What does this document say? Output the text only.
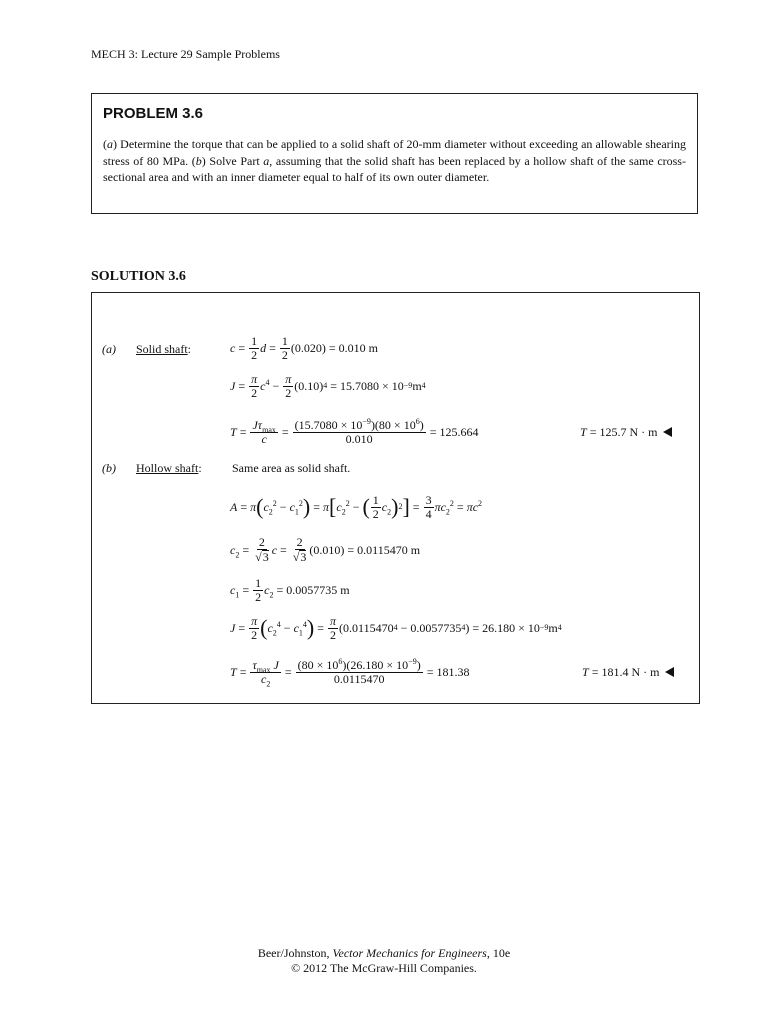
MECH 3: Lecture 29 Sample Problems
PROBLEM 3.6
(a) Determine the torque that can be applied to a solid shaft of 20-mm diameter without exceeding an allowable shearing stress of 80 MPa. (b) Solve Part a, assuming that the solid shaft has been replaced by a hollow shaft of the same cross-sectional area and with an inner diameter equal to half of its own outer diameter.
SOLUTION 3.6
(a) Solid shaft:	$c = \frac{1}{2}$ $d = \frac{1}{2} (0.020) = 0.010$ m
$J = \frac{\pi}{2} c^4 - \frac{\pi}{2} (0.10) 4 = 15.7080 \times 10 -9$ m 4
$T = \frac{J\tau_{max}}{c} = \frac{(15.7080 \times 10^{-9})(80 \times 10^6)}{0.010} = 125.664$	T = 125.7 N · m
(b) Hollow shaft:	Same area as solid shaft.
A = π ( $c_2^2 - c_1^2$ ) = π [ $c_2^2$ − ( $\frac{1}{2} c_2$ ) 2 ] = $\frac{3}{4} \pi c_2^2 = \pi c^2$
$c_2 = \frac{2}{√3}$ $c = \frac{2}{√3} (0.010) = 0.0115470$ m
$c_1 = \frac{1}{2} c_2 = 0.0057735$ m
$J = \frac{\pi}{2}$ ( $c_2^4 - c_1^4$ ) = $\frac{\pi}{2} (0.0115470$ 4 − 0.0057735 4 ) = 26.180 × 10 −9 m 4
$T = \frac{\tau_{max} J}{c_2} = \frac{(80 \times 10^6)(26.180 \times 10^{-9})}{0.0115470} = 181.38$	T = 181.4 N · m
Beer/Johnston, Vector Mechanics for Engineers, 10e
© 2012 The McGraw-Hill Companies.
